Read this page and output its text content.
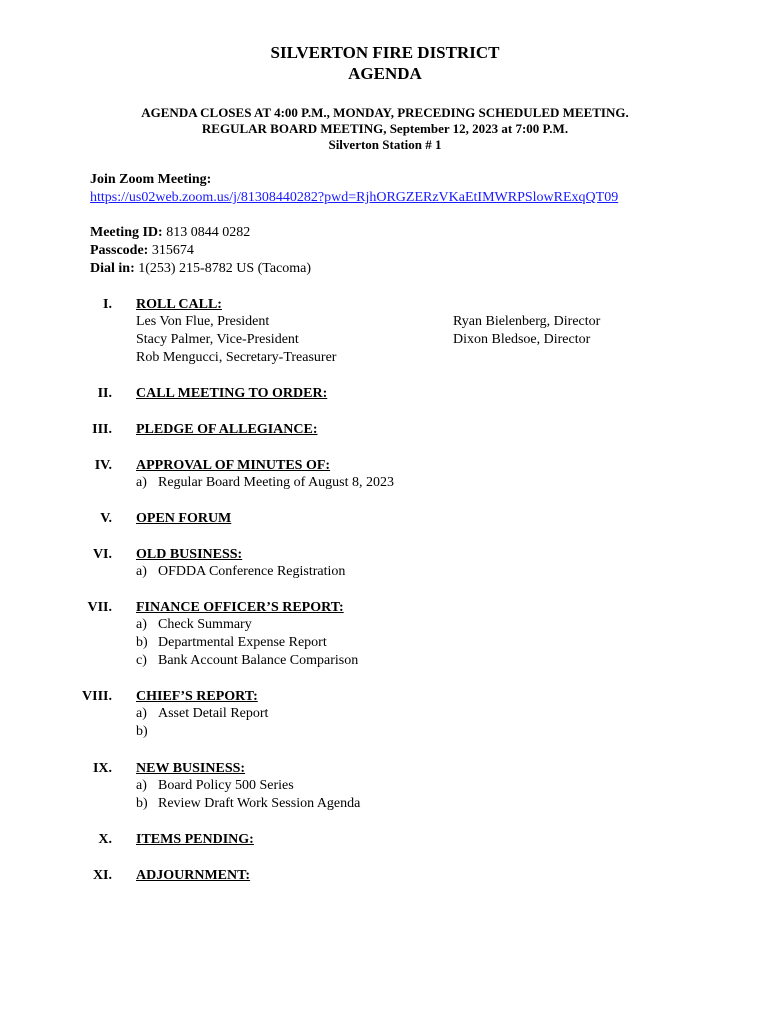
SILVERTON FIRE DISTRICT
AGENDA
AGENDA CLOSES AT 4:00 P.M., MONDAY, PRECEDING SCHEDULED MEETING.
REGULAR BOARD MEETING, September 12, 2023 at 7:00 P.M.
Silverton Station # 1
Join Zoom Meeting:
https://us02web.zoom.us/j/81308440282?pwd=RjhORGZERzVKaEtIMWRPSlowRExqQT09
Meeting ID: 813 0844 0282
Passcode: 315674
Dial in: 1(253) 215-8782 US (Tacoma)
I. ROLL CALL:
Les Von Flue, President
Stacy Palmer, Vice-President
Rob Mengucci, Secretary-Treasurer
Ryan Bielenberg, Director
Dixon Bledsoe, Director
II. CALL MEETING TO ORDER:
III. PLEDGE OF ALLEGIANCE:
IV. APPROVAL OF MINUTES OF:
a) Regular Board Meeting of August 8, 2023
V. OPEN FORUM
VI. OLD BUSINESS:
a) OFDDA Conference Registration
VII. FINANCE OFFICER’S REPORT:
a) Check Summary
b) Departmental Expense Report
c) Bank Account Balance Comparison
VIII. CHIEF’S REPORT:
a) Asset Detail Report
b)
IX. NEW BUSINESS:
a) Board Policy 500 Series
b) Review Draft Work Session Agenda
X. ITEMS PENDING:
XI. ADJOURNMENT:
